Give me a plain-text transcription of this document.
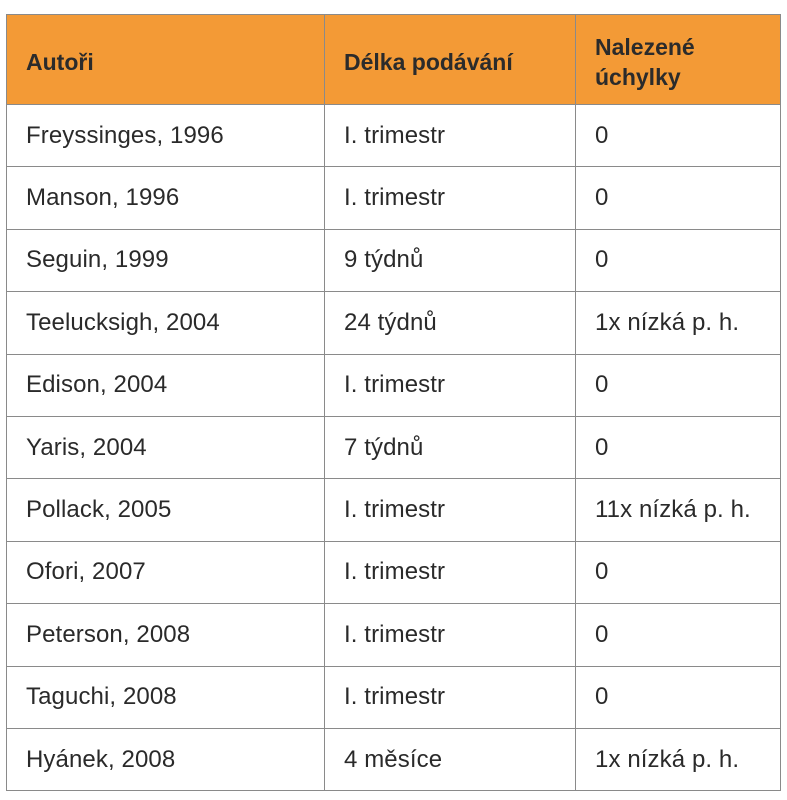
Autoři	Délka podávání	Nalezené úchylky
Freyssinges, 1996	I. trimestr	0
Manson, 1996	I. trimestr	0
Seguin, 1999	9 týdnů	0
Teelucksigh, 2004	24 týdnů	1x nízká p. h.
Edison, 2004	I. trimestr	0
Yaris, 2004	7 týdnů	0
Pollack, 2005	I. trimestr	11x nízká p. h.
Ofori, 2007	I. trimestr	0
Peterson, 2008	I. trimestr	0
Taguchi, 2008	I. trimestr	0
Hyánek, 2008	4 měsíce	1x nízká p. h.
